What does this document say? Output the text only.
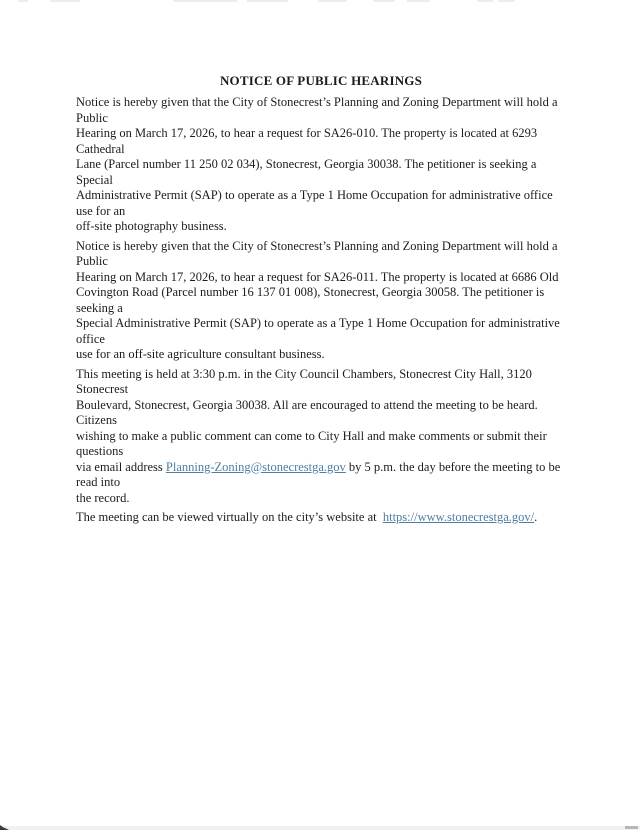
NOTICE OF PUBLIC HEARINGS
Notice is hereby given that the City of Stonecrest’s Planning and Zoning Department will hold a Public
Hearing on March 17, 2026, to hear a request for SA26-010. The property is located at 6293 Cathedral
Lane (Parcel number 11 250 02 034), Stonecrest, Georgia 30038. The petitioner is seeking a Special
Administrative Permit (SAP) to operate as a Type 1 Home Occupation for administrative office use for an
off-site photography business.
Notice is hereby given that the City of Stonecrest’s Planning and Zoning Department will hold a Public
Hearing on March 17, 2026, to hear a request for SA26-011. The property is located at 6686 Old
Covington Road (Parcel number 16 137 01 008), Stonecrest, Georgia 30058. The petitioner is seeking a
Special Administrative Permit (SAP) to operate as a Type 1 Home Occupation for administrative office
use for an off-site agriculture consultant business.
This meeting is held at 3:30 p.m. in the City Council Chambers, Stonecrest City Hall, 3120 Stonecrest
Boulevard, Stonecrest, Georgia 30038. All are encouraged to attend the meeting to be heard. Citizens
wishing to make a public comment can come to City Hall and make comments or submit their questions
via email address Planning-Zoning@stonecrestga.gov by 5 p.m. the day before the meeting to be read into
the record.
The meeting can be viewed virtually on the city’s website at  https://www.stonecrestga.gov/.
